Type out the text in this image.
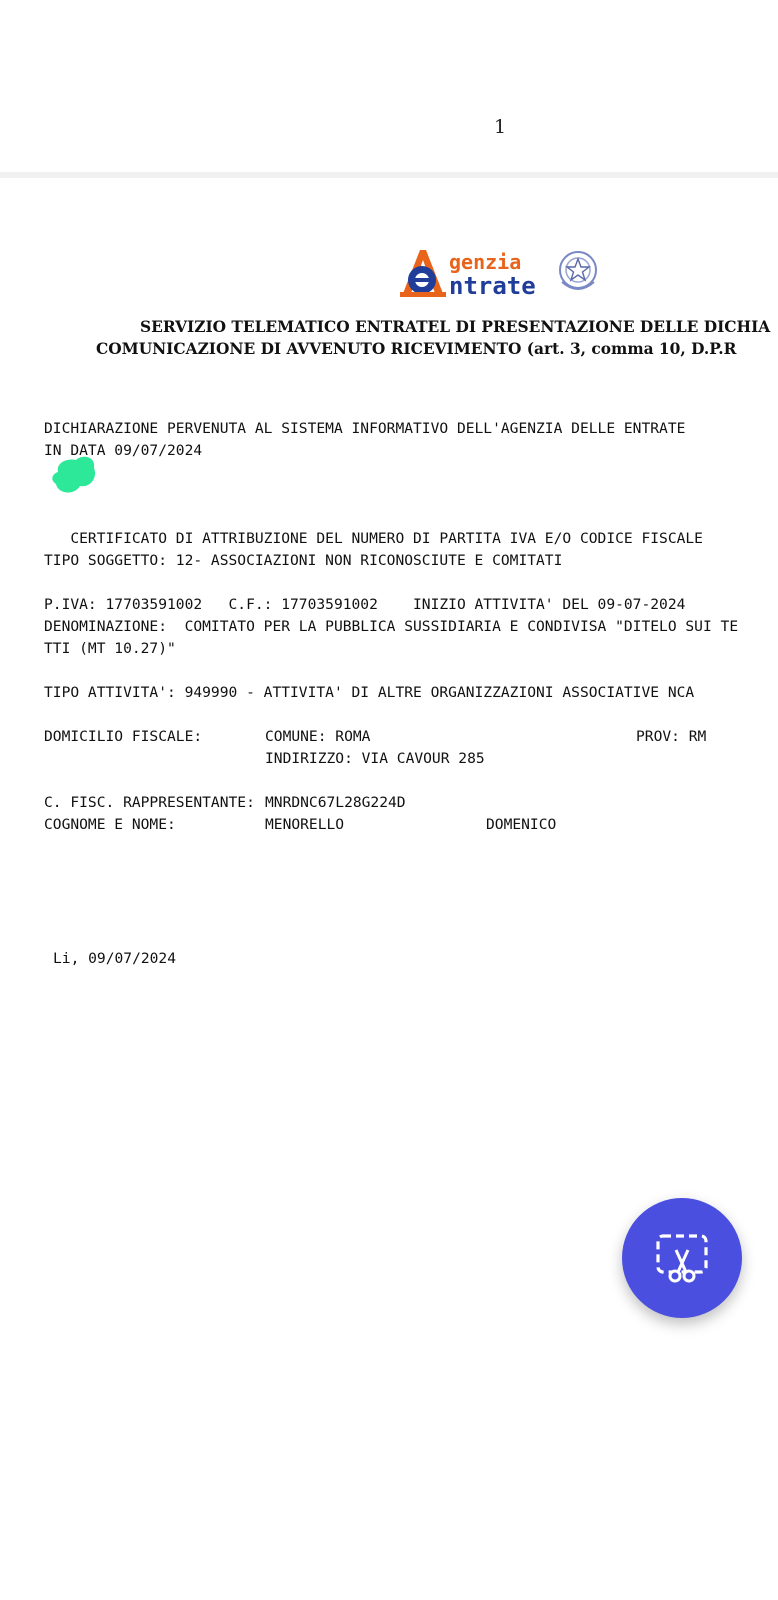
1
genzia
ntrate
SERVIZIO TELEMATICO ENTRATEL DI PRESENTAZIONE DELLE DICHIA
COMUNICAZIONE DI AVVENUTO RICEVIMENTO (art. 3, comma 10, D.P.R
DICHIARAZIONE PERVENUTA AL SISTEMA INFORMATIVO DELL'AGENZIA DELLE ENTRATE
IN DATA 09/07/2024
CERTIFICATO DI ATTRIBUZIONE DEL NUMERO DI PARTITA IVA E/O CODICE FISCALE
TIPO SOGGETTO: 12- ASSOCIAZIONI NON RICONOSCIUTE E COMITATI
P.IVA: 17703591002   C.F.: 17703591002    INIZIO ATTIVITA' DEL 09-07-2024
DENOMINAZIONE:  COMITATO PER LA PUBBLICA SUSSIDIARIA E CONDIVISA "DITELO SUI TE
TTI (MT 10.27)"
TIPO ATTIVITA': 949990 - ATTIVITA' DI ALTRE ORGANIZZAZIONI ASSOCIATIVE NCA
DOMICILIO FISCALE:	COMUNE: ROMA	PROV: RM
INDIRIZZO: VIA CAVOUR 285
C. FISC. RAPPRESENTANTE: MNRDNC67L28G224D
COGNOME E NOME:	MENORELLO	DOMENICO
Li, 09/07/2024
